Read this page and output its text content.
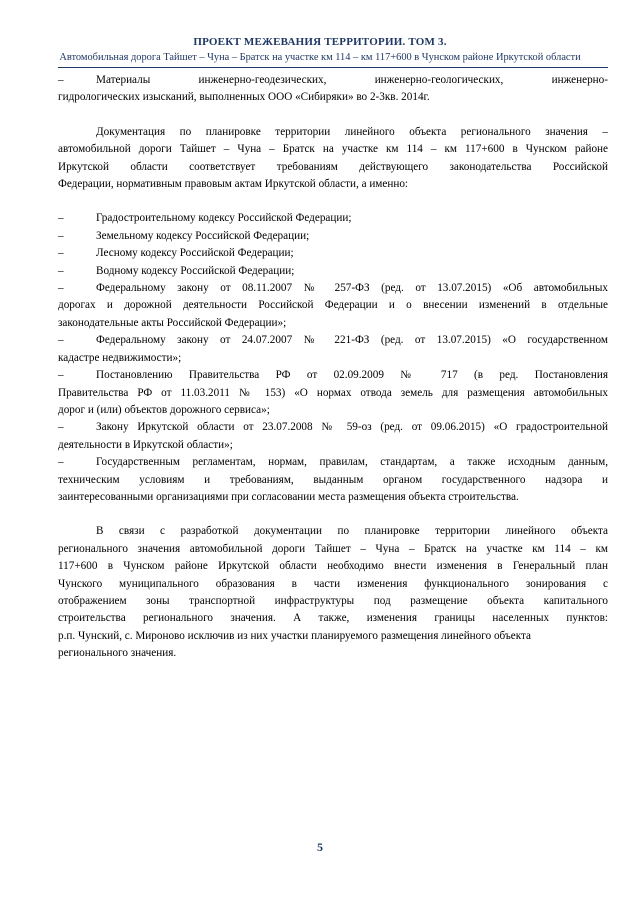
ПРОЕКТ МЕЖЕВАНИЯ ТЕРРИТОРИИ. ТОМ 3.
Автомобильная дорога Тайшет – Чуна – Братск на участке км 114 – км 117+600 в Чунском районе Иркутской области
–	Материалы инженерно-геодезических, инженерно-геологических, инженерно-
гидрологических изысканий, выполненных ООО «Сибиряки» во 2-3кв. 2014г.
Документация по планировке территории линейного объекта регионального значения –
автомобильной дороги Тайшет – Чуна – Братск на участке км 114 – км 117+600 в Чунском районе
Иркутской области соответствует требованиям действующего законодательства Российской
Федерации, нормативным правовым актам Иркутской области, а именно:
–	Градостроительному кодексу Российской Федерации;
–	Земельному кодексу Российской Федерации;
–	Лесному кодексу Российской Федерации;
–	Водному кодексу Российской Федерации;
–	Федеральному закону от 08.11.2007 № 257-ФЗ (ред. от 13.07.2015) «Об автомобильных
дорогах и дорожной деятельности Российской Федерации и о внесении изменений в отдельные
законодательные акты Российской Федерации»;
–	Федеральному закону от 24.07.2007 № 221-ФЗ (ред. от 13.07.2015) «О государственном
кадастре недвижимости»;
–	Постановлению Правительства РФ от 02.09.2009 № 717 (в ред. Постановления
Правительства РФ от 11.03.2011 № 153) «О нормах отвода земель для размещения автомобильных
дорог и (или) объектов дорожного сервиса»;
–	Закону Иркутской области от 23.07.2008 № 59-оз (ред. от 09.06.2015) «О градостроительной
деятельности в Иркутской области»;
–	Государственным регламентам, нормам, правилам, стандартам, а также исходным данным,
техническим условиям и требованиям, выданным органом государственного надзора и
заинтересованными организациями при согласовании места размещения объекта строительства.
В связи с разработкой документации по планировке территории линейного объекта
регионального значения автомобильной дороги Тайшет – Чуна – Братск на участке км 114 – км
117+600 в Чунском районе Иркутской области необходимо внести изменения в Генеральный план
Чунского муниципального образования в части изменения функционального зонирования с
отображением зоны транспортной инфраструктуры под размещение объекта капитального
строительства регионального значения. А также, изменения границы населенных пунктов:
р.п. Чунский, с. Мироново исключив из них участки планируемого размещения линейного объекта
регионального значения.
5
